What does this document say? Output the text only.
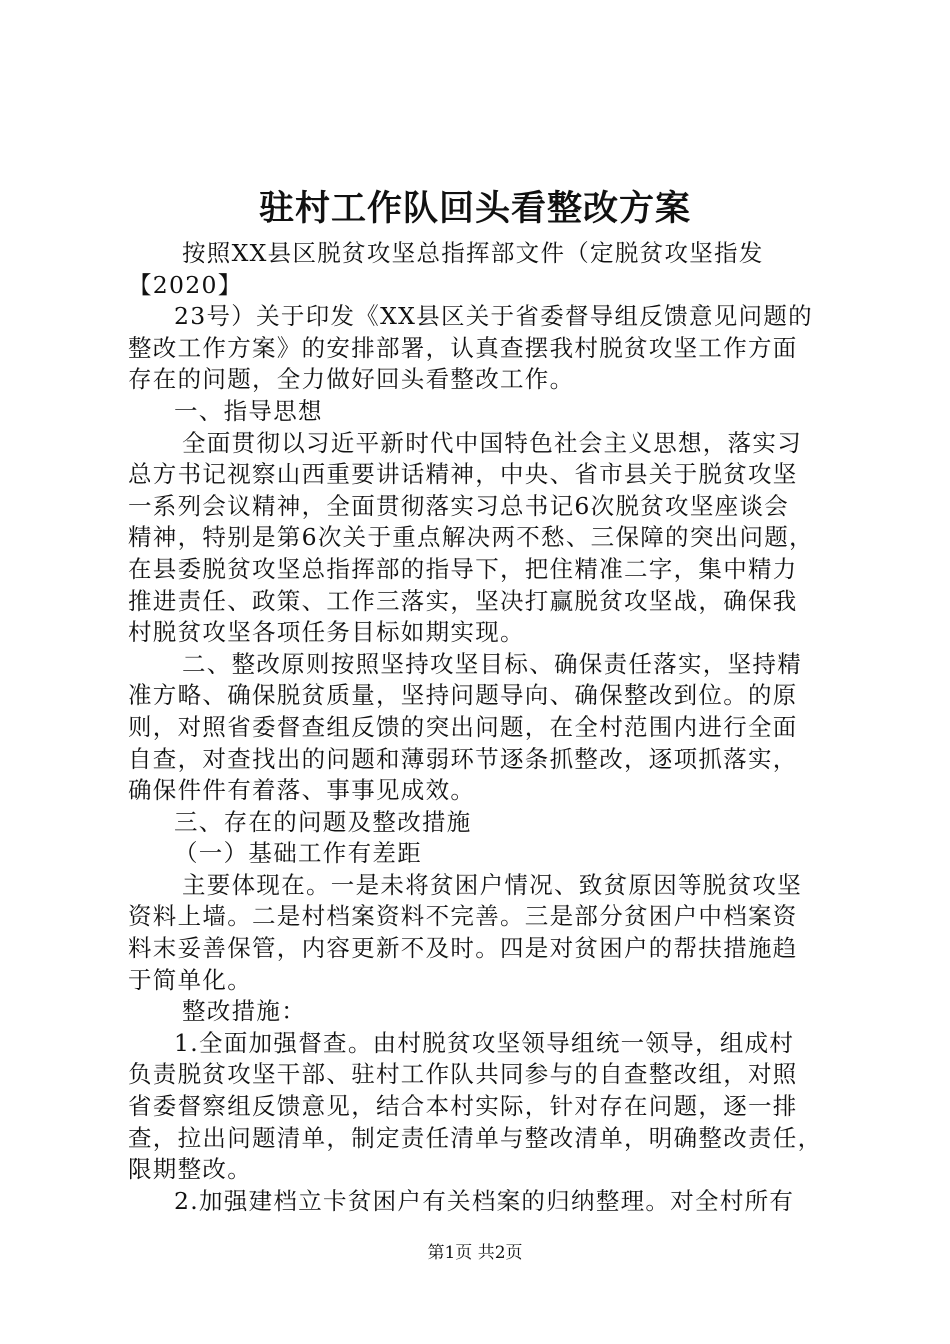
驻村工作队回头看整改方案
按照XX县区脱贫攻坚总指挥部文件（定脱贫攻坚指发
【2020】
23号）关于印发《XX县区关于省委督导组反馈意见问题的
整改工作方案》的安排部署，认真查摆我村脱贫攻坚工作方面
存在的问题，全力做好回头看整改工作。
一、指导思想
全面贯彻以习近平新时代中国特色社会主义思想，落实习
总方书记视察山西重要讲话精神，中央、省市县关于脱贫攻坚
一系列会议精神，全面贯彻落实习总书记6次脱贫攻坚座谈会
精神，特别是第6次关于重点解决两不愁、三保障的突出问题，
在县委脱贫攻坚总指挥部的指导下，把住精准二字，集中精力
推进责任、政策、工作三落实，坚决打赢脱贫攻坚战，确保我
村脱贫攻坚各项任务目标如期实现。
二、整改原则按照坚持攻坚目标、确保责任落实，坚持精
准方略、确保脱贫质量，坚持问题导向、确保整改到位。的原
则，对照省委督查组反馈的突出问题，在全村范围内进行全面
自查，对查找出的问题和薄弱环节逐条抓整改，逐项抓落实，
确保件件有着落、事事见成效。
三、存在的问题及整改措施
（一）基础工作有差距
主要体现在。一是未将贫困户情况、致贫原因等脱贫攻坚
资料上墙。二是村档案资料不完善。三是部分贫困户中档案资
料末妥善保管，内容更新不及时。四是对贫困户的帮扶措施趋
于简单化。
整改措施：
1.全面加强督查。由村脱贫攻坚领导组统一领导，组成村
负责脱贫攻坚干部、驻村工作队共同参与的自查整改组，对照
省委督察组反馈意见，结合本村实际，针对存在问题，逐一排
查，拉出问题清单，制定责任清单与整改清单，明确整改责任，
限期整改。
2.加强建档立卡贫困户有关档案的归纳整理。对全村所有
第1页 共2页
